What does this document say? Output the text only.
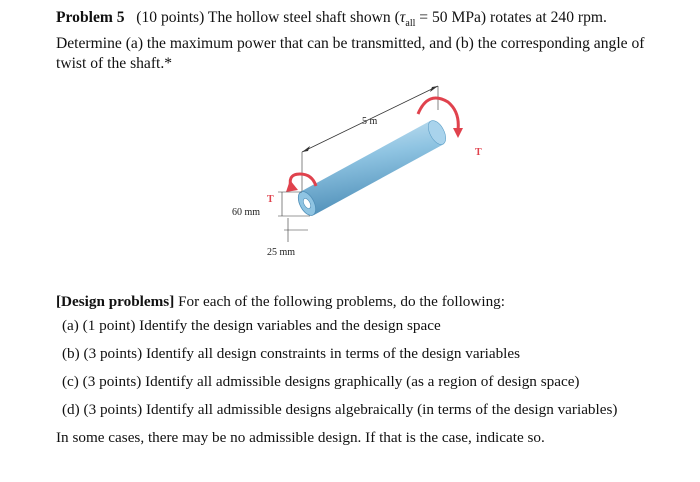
Problem 5 (10 points) The hollow steel shaft shown ($\tau_{all} = 50$ MPa) rotates at 240 rpm. Determine (a) the maximum power that can be transmitted, and (b) the corresponding angle of twist of the shaft.*
5 m
60 mm
25 mm
T
T

[Design problems] For each of the following problems, do the following:

(a) (1 point) Identify the design variables and the design space

(b) (3 points) Identify all design constraints in terms of the design variables

(c) (3 points) Identify all admissible designs graphically (as a region of design space)

(d) (3 points) Identify all admissible designs algebraically (in terms of the design variables)

In some cases, there may be no admissible design. If that is the case, indicate so.
